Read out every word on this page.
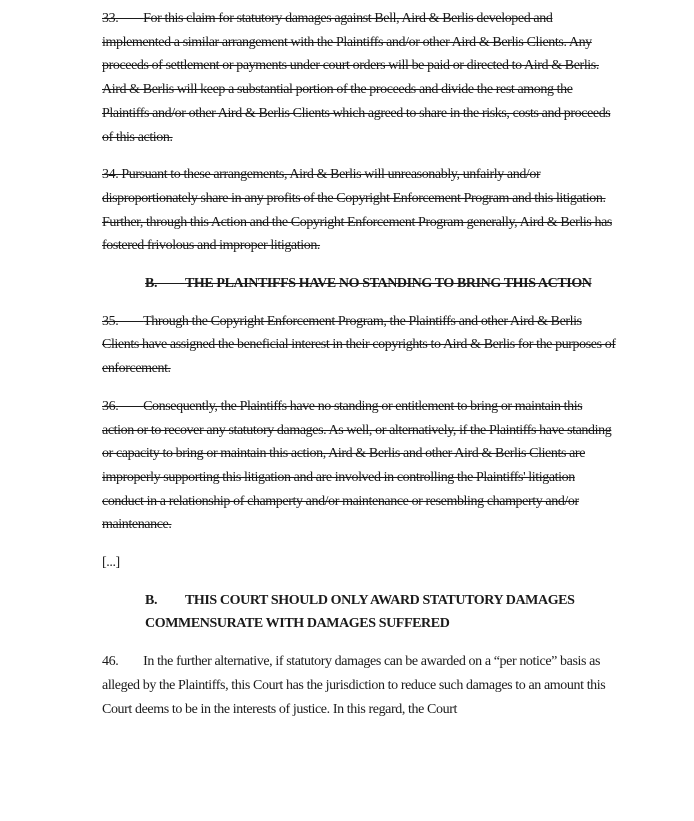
33.        For this claim for statutory damages against Bell, Aird & Berlis developed and implemented a similar arrangement with the Plaintiffs and/or other Aird & Berlis Clients. Any proceeds of settlement or payments under court orders will be paid or directed to Aird & Berlis. Aird & Berlis will keep a substantial portion of the proceeds and divide the rest among the Plaintiffs and/or other Aird & Berlis Clients which agreed to share in the risks, costs and proceeds of this action.

34. Pursuant to these arrangements, Aird & Berlis will unreasonably, unfairly and/or disproportionately share in any profits of the Copyright Enforcement Program and this litigation. Further, through this Action and the Copyright Enforcement Program generally, Aird & Berlis has fostered frivolous and improper litigation.

B.         THE PLAINTIFFS HAVE NO STANDING TO BRING THIS ACTION

35.        Through the Copyright Enforcement Program, the Plaintiffs and other Aird & Berlis Clients have assigned the beneficial interest in their copyrights to Aird & Berlis for the purposes of enforcement.

36.        Consequently, the Plaintiffs have no standing or entitlement to bring or maintain this action or to recover any statutory damages. As well, or alternatively, if the Plaintiffs have standing or capacity to bring or maintain this action, Aird & Berlis and other Aird & Berlis Clients are improperly supporting this litigation and are involved in controlling the Plaintiffs' litigation conduct in a relationship of champerty and/or maintenance or resembling champerty and/or maintenance.

[...]

B.         THIS COURT SHOULD ONLY AWARD STATUTORY DAMAGES COMMENSURATE WITH DAMAGES SUFFERED

46.        In the further alternative, if statutory damages can be awarded on a “per notice” basis as alleged by the Plaintiffs, this Court has the jurisdiction to reduce such damages to an amount this Court deems to be in the interests of justice. In this regard, the Court
